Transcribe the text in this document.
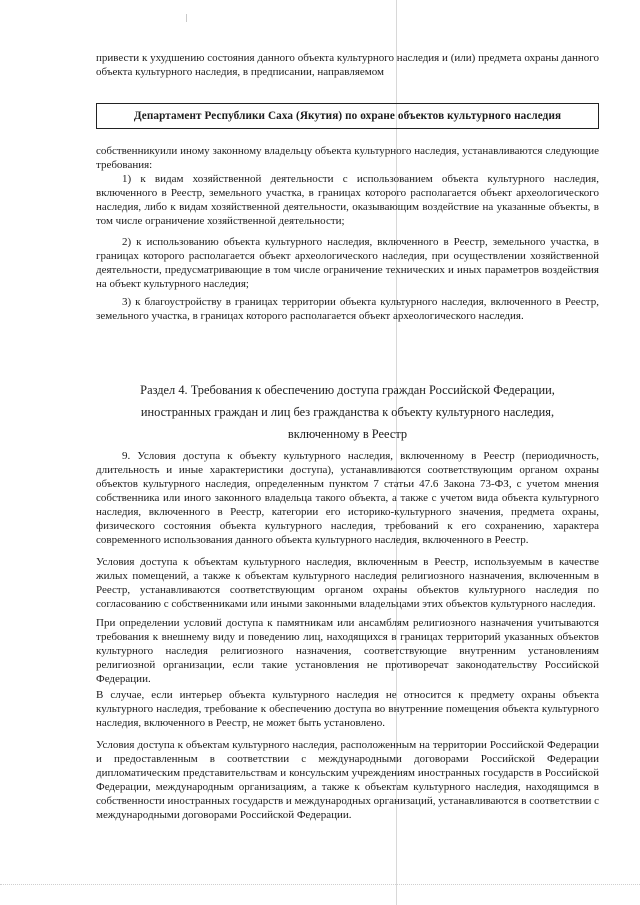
привести к ухудшению состояния данного объекта культурного наследия и (или) предмета охраны данного объекта культурного наследия, в предписании, направляемом

Департамент Республики Саха (Якутия) по охране объектов культурного наследия

собственникуили иному законному владельцу объекта культурного наследия, устанавливаются следующие требования:

1) к видам хозяйственной деятельности с использованием объекта культурного наследия, включенного в Реестр, земельного участка, в границах которого располагается объект археологического наследия, либо к видам хозяйственной деятельности, оказывающим воздействие на указанные объекты, в том числе ограничение хозяйственной деятельности;

2) к использованию объекта культурного наследия, включенного в Реестр, земельного участка, в границах которого располагается объект археологического наследия, при осуществлении хозяйственной деятельности, предусматривающие в том числе ограничение технических и иных параметров воздействия на объект культурного наследия;

3) к благоустройству в границах территории объекта культурного наследия, включенного в Реестр, земельного участка, в границах которого располагается объект археологического наследия.

Раздел 4. Требования к обеспечению доступа граждан Российской Федерации,
иностранных граждан и лиц без гражданства к объекту культурного наследия,
включенному в Реестр

9. Условия доступа к объекту культурного наследия, включенному в Реестр (периодичность, длительность и иные характеристики доступа), устанавливаются соответствующим органом охраны объектов культурного наследия, определенным пунктом 7 статьи 47.6 Закона 73-ФЗ, с учетом мнения собственника или иного законного владельца такого объекта, а также с учетом вида объекта культурного наследия, включенного в Реестр, категории его историко-культурного значения, предмета охраны, физического состояния объекта культурного наследия, требований к его сохранению, характера современного использования данного объекта культурного наследия, включенного в Реестр.

Условия доступа к объектам культурного наследия, включенным в Реестр, используемым в качестве жилых помещений, а также к объектам культурного наследия религиозного назначения, включенным в Реестр, устанавливаются соответствующим органом охраны объектов культурного наследия по согласованию с собственниками или иными законными владельцами этих объектов культурного наследия.

При определении условий доступа к памятникам или ансамблям религиозного назначения учитываются требования к внешнему виду и поведению лиц, находящихся в границах территорий указанных объектов культурного наследия религиозного назначения, соответствующие внутренним установлениям религиозной организации, если такие установления не противоречат законодательству Российской Федерации.

В случае, если интерьер объекта культурного наследия не относится к предмету охраны объекта культурного наследия, требование к обеспечению доступа во внутренние помещения объекта культурного наследия, включенного в Реестр, не может быть установлено.

Условия доступа к объектам культурного наследия, расположенным на территории Российской Федерации и предоставленным в соответствии с международными договорами Российской Федерации дипломатическим представительствам и консульским учреждениям иностранных государств в Российской Федерации, международным организациям, а также к объектам культурного наследия, находящимся в собственности иностранных государств и международных организаций, устанавливаются в соответствии с международными договорами Российской Федерации.
